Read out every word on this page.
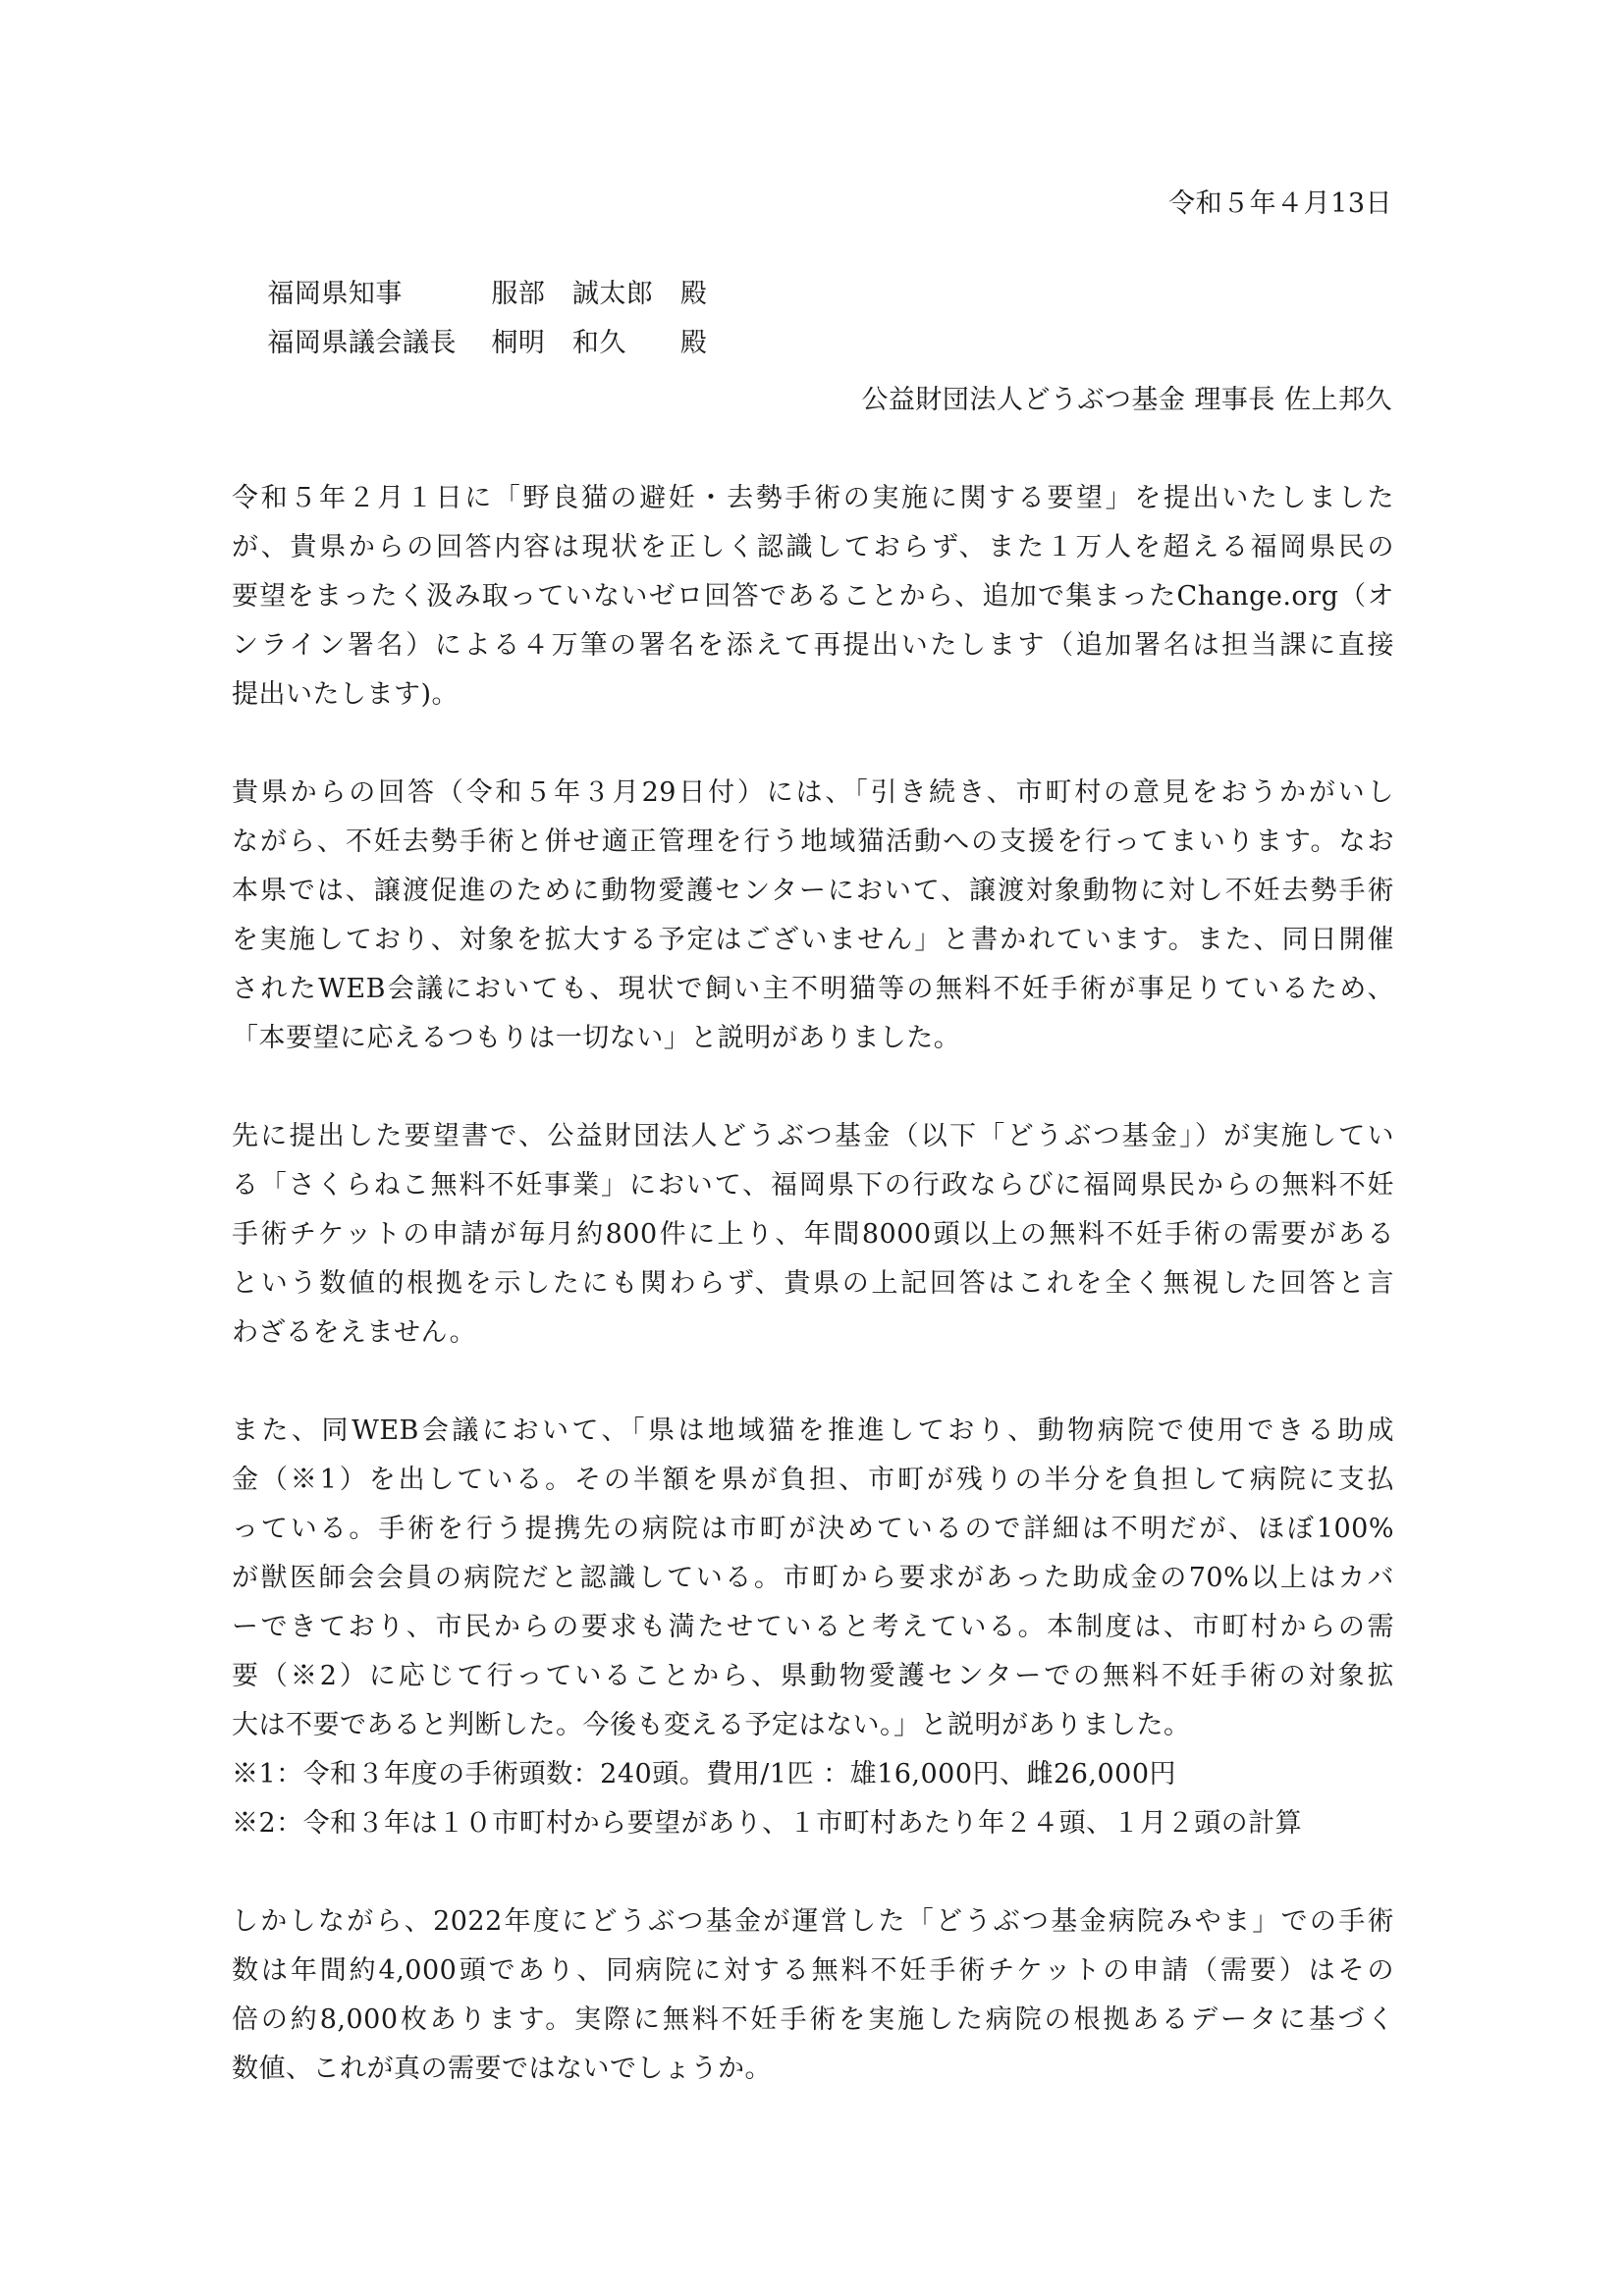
令和５年４月13日

福岡県知事	服部　誠太郎　殿

福岡県議会議長 桐明　和久　　殿

公益財団法人どうぶつ基金 理事長 佐上邦久
令和５年２月１日に「野良猫の避妊・去勢手術の実施に関する要望」を提出いたしました
が、貴県からの回答内容は現状を正しく認識しておらず、また１万人を超える福岡県民の
要望をまったく汲み取っていないゼロ回答であることから、追加で集まったChange.org（オ
ンライン署名）による４万筆の署名を添えて再提出いたします（追加署名は担当課に直接
提出いたします)。
貴県からの回答（令和５年３月29日付）には、「引き続き、市町村の意見をおうかがいし
ながら、不妊去勢手術と併せ適正管理を行う地域猫活動への支援を行ってまいります。なお
本県では、譲渡促進のために動物愛護センターにおいて、譲渡対象動物に対し不妊去勢手術
を実施しており、対象を拡大する予定はございません」と書かれています。また、同日開催
されたWEB会議においても、現状で飼い主不明猫等の無料不妊手術が事足りているため、
「本要望に応えるつもりは一切ない」と説明がありました。
先に提出した要望書で、公益財団法人どうぶつ基金（以下「どうぶつ基金」）が実施してい
る「さくらねこ無料不妊事業」において、福岡県下の行政ならびに福岡県民からの無料不妊
手術チケットの申請が毎月約800件に上り、年間8000頭以上の無料不妊手術の需要がある
という数値的根拠を示したにも関わらず、貴県の上記回答はこれを全く無視した回答と言
わざるをえません。
また、同WEB会議において、「県は地域猫を推進しており、動物病院で使用できる助成
金（※1）を出している。その半額を県が負担、市町が残りの半分を負担して病院に支払
っている。手術を行う提携先の病院は市町が決めているので詳細は不明だが、ほぼ100%
が獣医師会会員の病院だと認識している。市町から要求があった助成金の70%以上はカバ
ーできており、市民からの要求も満たせていると考えている。本制度は、市町村からの需
要（※2）に応じて行っていることから、県動物愛護センターでの無料不妊手術の対象拡
大は不要であると判断した。今後も変える予定はない。」と説明がありました。
※1：令和３年度の手術頭数：240頭。費用/1匹 ：雄16,000円、雌26,000円
※2：令和３年は１０市町村から要望があり、１市町村あたり年２４頭、１月２頭の計算
しかしながら、2022年度にどうぶつ基金が運営した「どうぶつ基金病院みやま」での手術
数は年間約4,000頭であり、同病院に対する無料不妊手術チケットの申請（需要）はその
倍の約8,000枚あります。実際に無料不妊手術を実施した病院の根拠あるデータに基づく
数値、これが真の需要ではないでしょうか。
